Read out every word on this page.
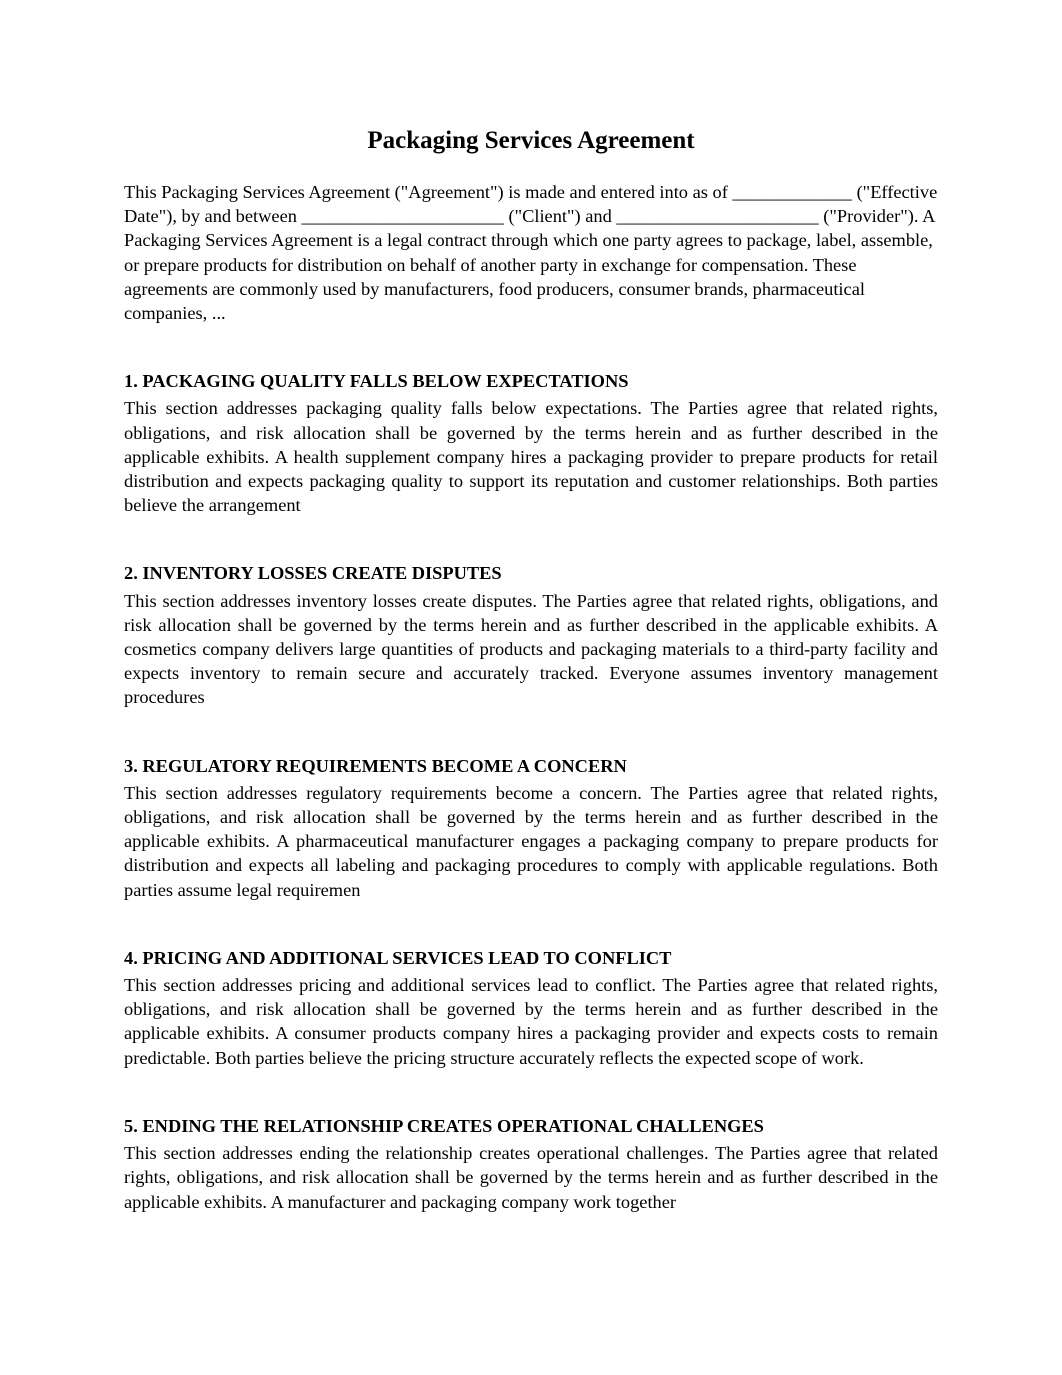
Packaging Services Agreement

This Packaging Services Agreement ("Agreement") is made and entered into as of _____________ ("Effective Date"), by and between ______________________ ("Client") and ______________________ ("Provider"). A Packaging Services Agreement is a legal contract through which one party agrees to package, label, assemble, or prepare products for distribution on behalf of another party in exchange for compensation. These agreements are commonly used by manufacturers, food producers, consumer brands, pharmaceutical companies, ...

1. PACKAGING QUALITY FALLS BELOW EXPECTATIONS

This section addresses packaging quality falls below expectations. The Parties agree that related rights, obligations, and risk allocation shall be governed by the terms herein and as further described in the applicable exhibits. A health supplement company hires a packaging provider to prepare products for retail distribution and expects packaging quality to support its reputation and customer relationships. Both parties believe the arrangement

2. INVENTORY LOSSES CREATE DISPUTES

This section addresses inventory losses create disputes. The Parties agree that related rights, obligations, and risk allocation shall be governed by the terms herein and as further described in the applicable exhibits. A cosmetics company delivers large quantities of products and packaging materials to a third-party facility and expects inventory to remain secure and accurately tracked. Everyone assumes inventory management procedures

3. REGULATORY REQUIREMENTS BECOME A CONCERN

This section addresses regulatory requirements become a concern. The Parties agree that related rights, obligations, and risk allocation shall be governed by the terms herein and as further described in the applicable exhibits. A pharmaceutical manufacturer engages a packaging company to prepare products for distribution and expects all labeling and packaging procedures to comply with applicable regulations. Both parties assume legal requiremen

4. PRICING AND ADDITIONAL SERVICES LEAD TO CONFLICT

This section addresses pricing and additional services lead to conflict. The Parties agree that related rights, obligations, and risk allocation shall be governed by the terms herein and as further described in the applicable exhibits. A consumer products company hires a packaging provider and expects costs to remain predictable. Both parties believe the pricing structure accurately reflects the expected scope of work.

5. ENDING THE RELATIONSHIP CREATES OPERATIONAL CHALLENGES

This section addresses ending the relationship creates operational challenges. The Parties agree that related rights, obligations, and risk allocation shall be governed by the terms herein and as further described in the applicable exhibits. A manufacturer and packaging company work together
